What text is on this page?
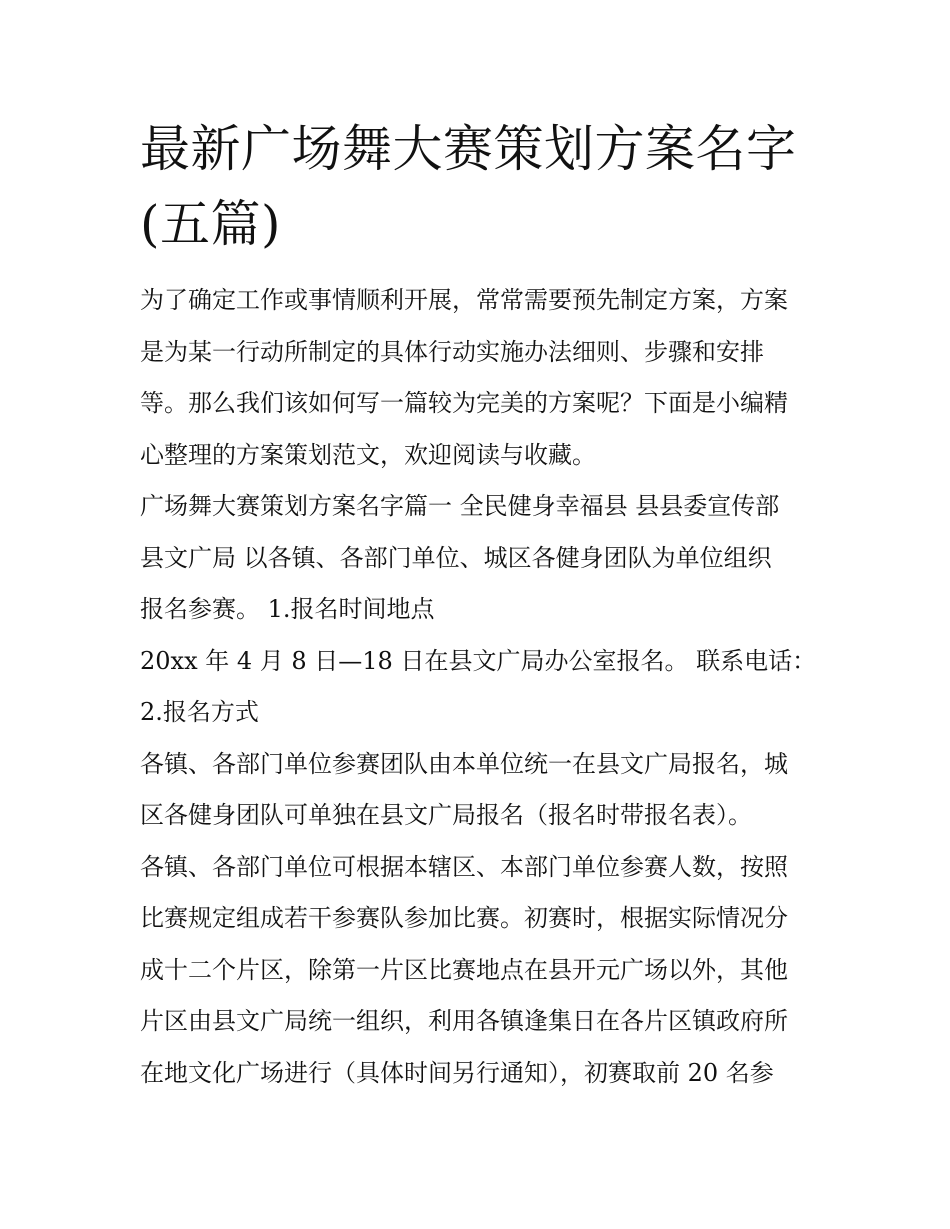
最新广场舞大赛策划方案名字
(五篇)

为了确定工作或事情顺利开展，常常需要预先制定方案，方案

是为某一行动所制定的具体行动实施办法细则、步骤和安排

等。那么我们该如何写一篇较为完美的方案呢？下面是小编精

心整理的方案策划范文，欢迎阅读与收藏。

广场舞大赛策划方案名字篇一 全民健身幸福县 县县委宣传部

县文广局 以各镇、各部门单位、城区各健身团队为单位组织

报名参赛。 1.报名时间地点

20xx 年 4 月 8 日—18 日在县文广局办公室报名。 联系电话：

2.报名方式

各镇、各部门单位参赛团队由本单位统一在县文广局报名，城

区各健身团队可单独在县文广局报名（报名时带报名表）。

各镇、各部门单位可根据本辖区、本部门单位参赛人数，按照

比赛规定组成若干参赛队参加比赛。初赛时，根据实际情况分

成十二个片区，除第一片区比赛地点在县开元广场以外，其他

片区由县文广局统一组织，利用各镇逢集日在各片区镇政府所

在地文化广场进行（具体时间另行通知），初赛取前 20 名参
